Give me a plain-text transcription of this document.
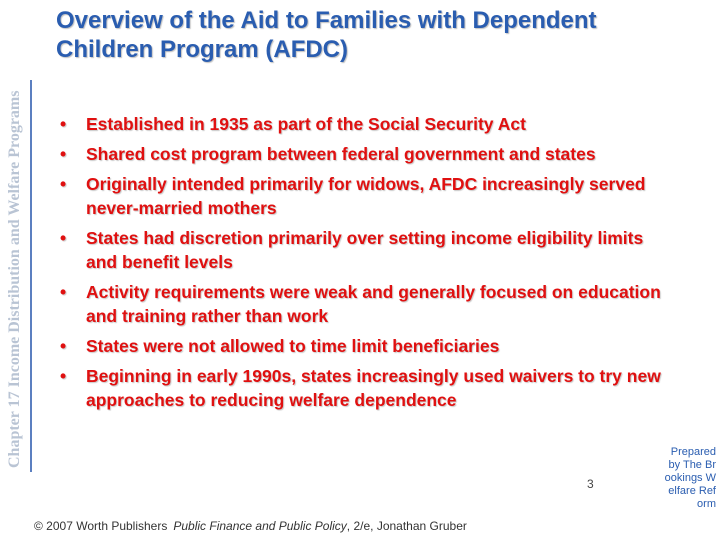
Overview of the Aid to Families with Dependent Children Program (AFDC)
Chapter 17 Income Distribution and Welfare Programs • Established in 1935 as part of the Social Security Act
• Shared cost program between federal government and states
• Originally intended primarily for widows, AFDC increasingly served never-married mothers
• States had discretion primarily over setting income eligibility limits and benefit levels
• Activity requirements were weak and generally focused on education and training rather than work
• States were not allowed to time limit beneficiaries
• Beginning in early 1990s, states increasingly used waivers to try new approaches to reducing welfare dependence
3
Prepared by The Brookings Welfare Reform
© 2007 Worth Publishers Public Finance and Public Policy, 2/e, Jonathan Gruber
